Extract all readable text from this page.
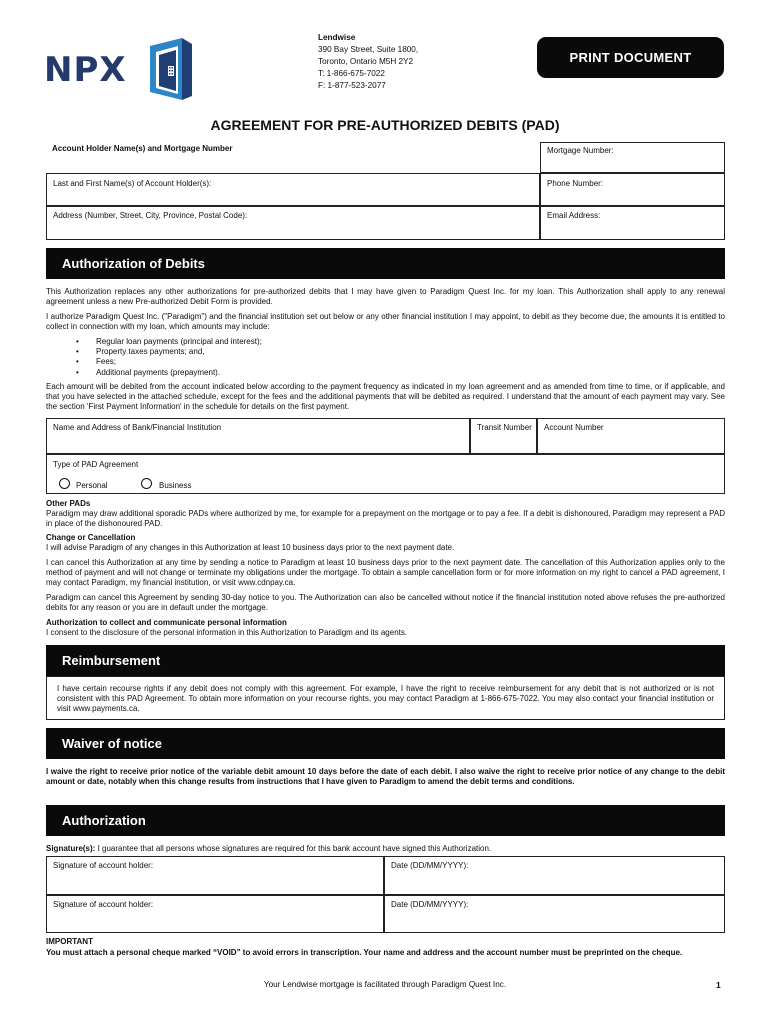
NPX
Lendwise
390 Bay Street, Suite 1800,
Toronto, Ontario M5H 2Y2
T: 1-866-675-7022
F: 1-877-523-2077
PRINT DOCUMENT
AGREEMENT FOR PRE-AUTHORIZED DEBITS (PAD)
Account Holder Name(s) and Mortgage Number	Mortgage Number:
Last and First Name(s) of Account Holder(s):	Phone Number:
Address (Number, Street, City, Province, Postal Code):	Email Address:
Authorization of Debits
This Authorization replaces any other authorizations for pre-authorized debits that I may have given to Paradigm Quest Inc. for my loan. This Authorization shall apply to any renewal agreement unless a new Pre-authorized Debit Form is provided.
I authorize Paradigm Quest Inc. ("Paradigm") and the financial institution set out below or any other financial institution I may appoint, to debit as they become due, the amounts it is entitled to collect in connection with my loan, which amounts may include:
• Regular loan payments (principal and interest);
• Property taxes payments; and,
• Fees;
• Additional payments (prepayment).
Each amount will be debited from the account indicated below according to the payment frequency as indicated in my loan agreement and as amended from time to time, or if applicable, and that you have selected in the attached schedule, except for the fees and the additional payments that will be debited as required. I understand that the amount of each payment may vary. See the section 'First Payment Information' in the schedule for details on the first payment.
Name and Address of Bank/Financial Institution	Transit Number	Account Number
Type of PAD Agreement
Personal	Business
Other PADs
Paradigm may draw additional sporadic PADs where authorized by me, for example for a prepayment on the mortgage or to pay a fee. If a debit is dishonoured, Paradigm may represent a PAD in place of the dishonoured PAD.
Change or Cancellation
I will advise Paradigm of any changes in this Authorization at least 10 business days prior to the next payment date.
I can cancel this Authorization at any time by sending a notice to Paradigm at least 10 business days prior to the next payment date. The cancellation of this Authorization applies only to the method of payment and will not change or terminate my obligations under the mortgage. To obtain a sample cancellation form or for more information on my right to cancel a PAD agreement, I may contact Paradigm, my financial institution, or visit www.cdnpay.ca.
Paradigm can cancel this Agreement by sending 30-day notice to you. The Authorization can also be cancelled without notice if the financial institution noted above refuses the pre-authorized debits for any reason or you are in default under the mortgage.
Authorization to collect and communicate personal information
I consent to the disclosure of the personal information in this Authorization to Paradigm and its agents.
Reimbursement
I have certain recourse rights if any debit does not comply with this agreement. For example, I have the right to receive reimbursement for any debit that is not authorized or is not consistent with this PAD Agreement. To obtain more information on your recourse rights, you may contact Paradigm at 1-866-675-7022. You may also contact your financial institution or visit www.payments.ca.
Waiver of notice
I waive the right to receive prior notice of the variable debit amount 10 days before the date of each debit. I also waive the right to receive prior notice of any change to the debit amount or date, notably when this change results from instructions that I have given to Paradigm to amend the debit terms and conditions.
Authorization
Signature(s): I guarantee that all persons whose signatures are required for this bank account have signed this Authorization.
Signature of account holder:	Date (DD/MM/YYYY):
Signature of account holder:	Date (DD/MM/YYYY):
IMPORTANT
You must attach a personal cheque marked “VOID” to avoid errors in transcription. Your name and address and the account number must be preprinted on the cheque.
Your Lendwise mortgage is facilitated through Paradigm Quest Inc.	1
